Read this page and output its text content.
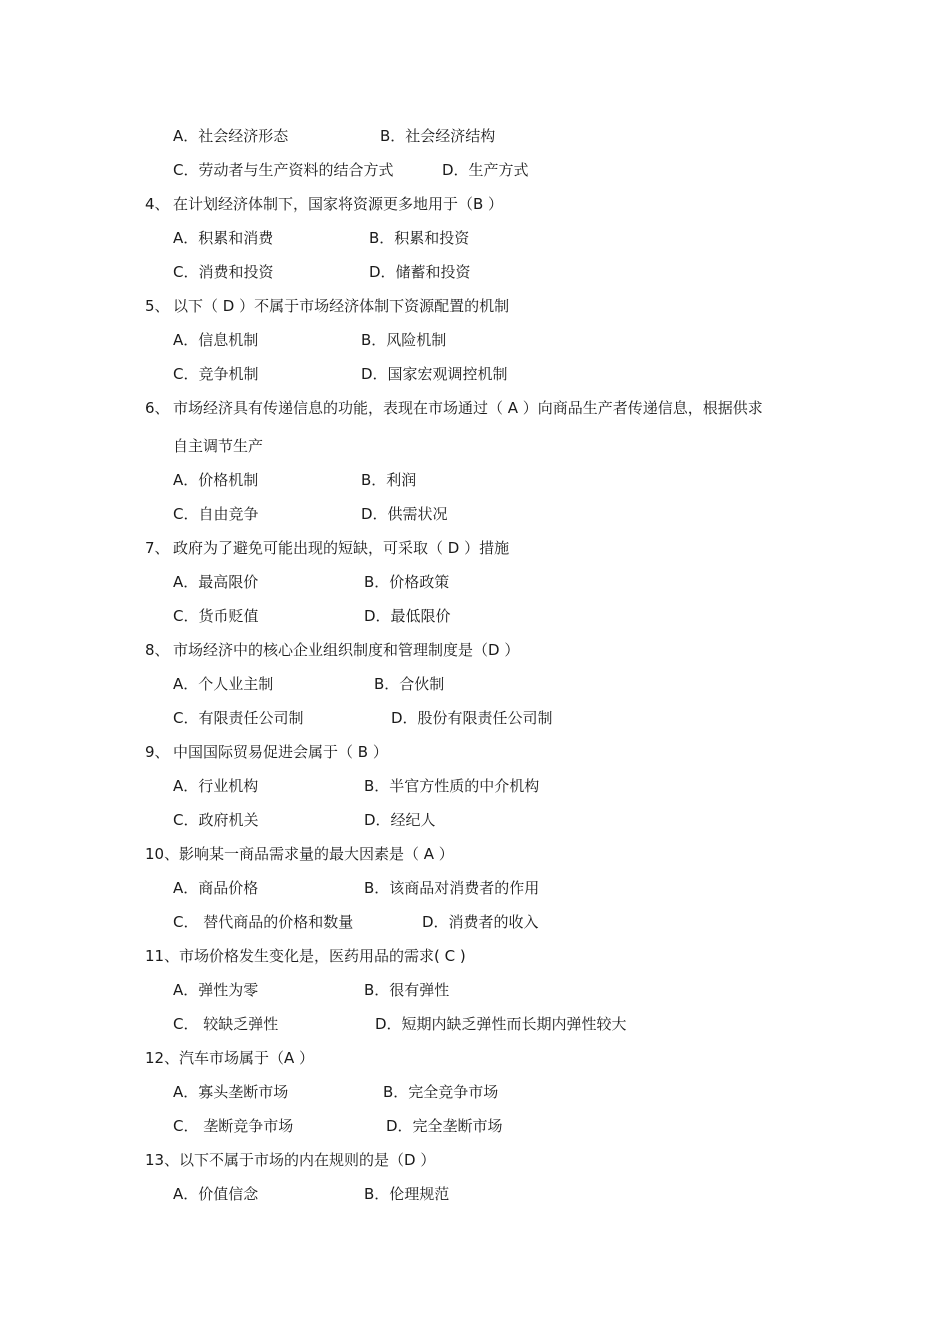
A．社会经济形态	B．社会经济结构
C．劳动者与生产资料的结合方式	D．生产方式
4、 在计划经济体制下，国家将资源更多地用于（B ）
A．积累和消费	B．积累和投资
C．消费和投资	D．储蓄和投资
5、 以下（ D ）不属于市场经济体制下资源配置的机制
A．信息机制	B．风险机制
C．竞争机制	D．国家宏观调控机制
6、 市场经济具有传递信息的功能，表现在市场通过（ A ）向商品生产者传递信息，根据供求
自主调节生产
A．价格机制	B．利润
C．自由竞争	D．供需状况
7、 政府为了避免可能出现的短缺，可采取（ D ）措施
A．最高限价	B．价格政策
C．货币贬值	D．最低限价
8、 市场经济中的核心企业组织制度和管理制度是（D ）
A．个人业主制	B．合伙制
C．有限责任公司制	D．股份有限责任公司制
9、 中国国际贸易促进会属于（ B ）
A．行业机构	B．半官方性质的中介机构
C．政府机关	D．经纪人
10、 影响某一商品需求量的最大因素是（ A ）
A．商品价格	B．该商品对消费者的作用
C． 替代商品的价格和数量	D．消费者的收入
11、 市场价格发生变化是，医药用品的需求( C )
A．弹性为零	B．很有弹性
C． 较缺乏弹性	D．短期内缺乏弹性而长期内弹性较大
12、 汽车市场属于（A ）
A．寡头垄断市场	B．完全竞争市场
C． 垄断竞争市场	D．完全垄断市场
13、 以下不属于市场的内在规则的是（D ）
A．价值信念	B．伦理规范
